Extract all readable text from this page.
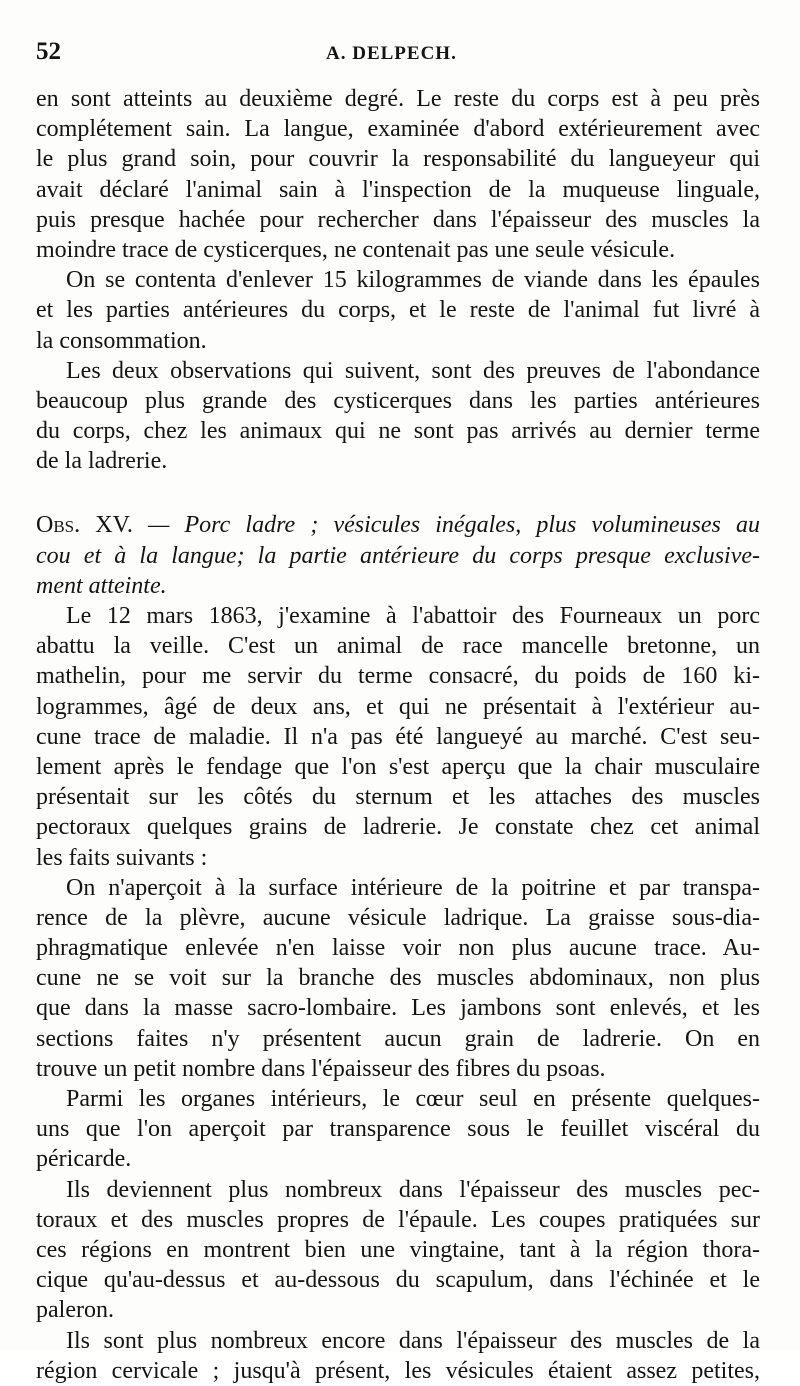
52	A. DELPECH.
en sont atteints au deuxième degré. Le reste du corps est à peu près
complétement sain. La langue, examinée d'abord extérieurement avec
le plus grand soin, pour couvrir la responsabilité du langueyeur qui
avait déclaré l'animal sain à l'inspection de la muqueuse linguale,
puis presque hachée pour rechercher dans l'épaisseur des muscles la
moindre trace de cysticerques, ne contenait pas une seule vésicule.
On se contenta d'enlever 15 kilogrammes de viande dans les épaules
et les parties antérieures du corps, et le reste de l'animal fut livré à
la consommation.
Les deux observations qui suivent, sont des preuves de l'abondance
beaucoup plus grande des cysticerques dans les parties antérieures
du corps, chez les animaux qui ne sont pas arrivés au dernier terme
de la ladrerie.
Obs. XV. — Porc ladre ; vésicules inégales, plus volumineuses au
cou et à la langue; la partie antérieure du corps presque exclusive-
ment atteinte.
Le 12 mars 1863, j'examine à l'abattoir des Fourneaux un porc
abattu la veille. C'est un animal de race mancelle bretonne, un
mathelin, pour me servir du terme consacré, du poids de 160 ki-
logrammes, âgé de deux ans, et qui ne présentait à l'extérieur au-
cune trace de maladie. Il n'a pas été langueyé au marché. C'est seu-
lement après le fendage que l'on s'est aperçu que la chair musculaire
présentait sur les côtés du sternum et les attaches des muscles
pectoraux quelques grains de ladrerie. Je constate chez cet animal
les faits suivants :
On n'aperçoit à la surface intérieure de la poitrine et par transpa-
rence de la plèvre, aucune vésicule ladrique. La graisse sous-dia-
phragmatique enlevée n'en laisse voir non plus aucune trace. Au-
cune ne se voit sur la branche des muscles abdominaux, non plus
que dans la masse sacro-lombaire. Les jambons sont enlevés, et les
sections faites n'y présentent aucun grain de ladrerie. On en
trouve un petit nombre dans l'épaisseur des fibres du psoas.
Parmi les organes intérieurs, le cœur seul en présente quelques-
uns que l'on aperçoit par transparence sous le feuillet viscéral du
péricarde.
Ils deviennent plus nombreux dans l'épaisseur des muscles pec-
toraux et des muscles propres de l'épaule. Les coupes pratiquées sur
ces régions en montrent bien une vingtaine, tant à la région thora-
cique qu'au-dessus et au-dessous du scapulum, dans l'échinée et le
paleron.
Ils sont plus nombreux encore dans l'épaisseur des muscles de la
région cervicale ; jusqu'à présent, les vésicules étaient assez petites,
